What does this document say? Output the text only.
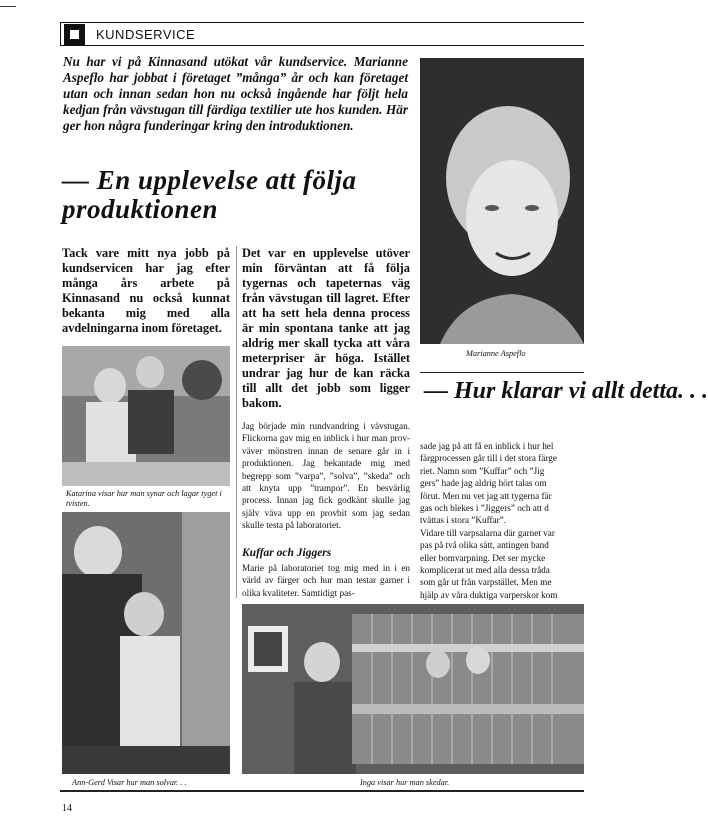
KUNDSERVICE
Nu har vi på Kinnasand utökat vår kundservice. Marianne Aspeflo har jobbat i företaget ”många” år och kan företaget utan och innan sedan hon nu också ingående har följt hela kedjan från vävstugan till färdiga textilier ute hos kunden. Här ger hon några funderingar kring den introduktionen.
— En upplevelse att följa produktionen
Marianne Aspeflo
— Hur klarar vi allt detta. . .
sade jag på att få en inblick i hur hel
färgprocessen går till i det stora färge
riet. Namn som ”Kuffar” och ”Jig
gers” hade jag aldrig hört talas om
förut. Men nu vet jag att tygerna fär
gas och blekes i ”Jiggers” och att d
tvättas i stora ”Kuffar”.
Vidare till varpsalarna där garnet var
pas på två olika sätt, antingen band
eller bomvarpning. Det ser mycke
komplicerat ut med alla dessa tråda
som går ut från varpstället. Men me
hjälp av våra duktiga varperskor kom
Tack vare mitt nya jobb på kundservicen har jag efter många års arbete på Kinnasand nu också kunnat bekanta mig med alla avdelningarna inom företaget.
Katarina visar hur man synar och lagar tyget i tvisten.
Ann-Gerd Visar hur man solvar. . .
Det var en upplevelse utöver min förväntan att få följa tygernas och tapeternas väg från vävstugan till lagret. Efter att ha sett hela denna process är min spontana tanke att jag aldrig mer skall tycka att våra meterpriser är höga. Istället undrar jag hur de kan räcka till allt det jobb som ligger bakom.
Jag började min rundvandring i vävstugan. Flickorna gav mig en inblick i hur man prov-väver mönstren innan de senare går in i produktionen. Jag bekantade mig med begrepp som ”varpa”, ”solva”, ”skeda” och att knyta upp ”trampor”. En besvärlig process. Innan jag fick godkänt skulle jag själv väva upp en provbit som jag sedan skulle testa på laboratoriet.
Kuffar och Jiggers
Marie på laboratoriet tog mig med in i en värld av färger och hur man testar garner i olika kvaliteter. Samtidigt pas-
Inga visar hur man skedar.
14
